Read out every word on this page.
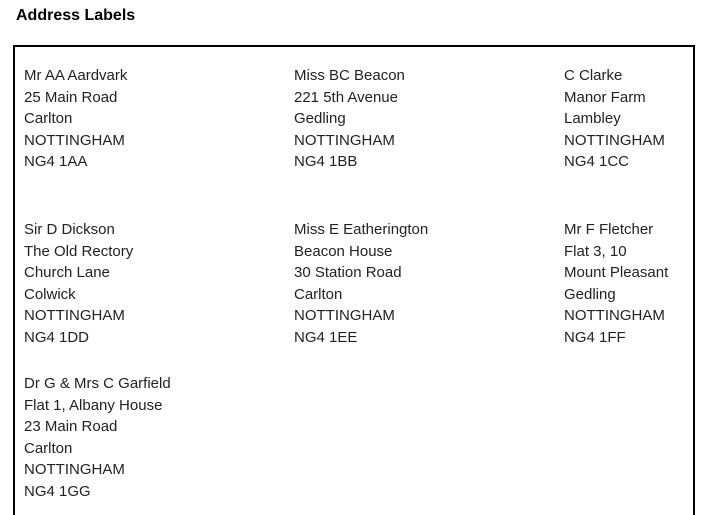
Address Labels
Mr AA Aardvark
25 Main Road
Carlton
NOTTINGHAM
NG4 1AA
Miss BC Beacon
221 5th Avenue
Gedling
NOTTINGHAM
NG4 1BB
C Clarke
Manor Farm
Lambley
NOTTINGHAM
NG4 1CC
Sir D Dickson
The Old Rectory
Church Lane
Colwick
NOTTINGHAM
NG4 1DD
Miss E Eatherington
Beacon House
30 Station Road
Carlton
NOTTINGHAM
NG4 1EE
Mr F Fletcher
Flat 3, 10
Mount Pleasant
Gedling
NOTTINGHAM
NG4 1FF
Dr G & Mrs C Garfield
Flat 1, Albany House
23 Main Road
Carlton
NOTTINGHAM
NG4 1GG
